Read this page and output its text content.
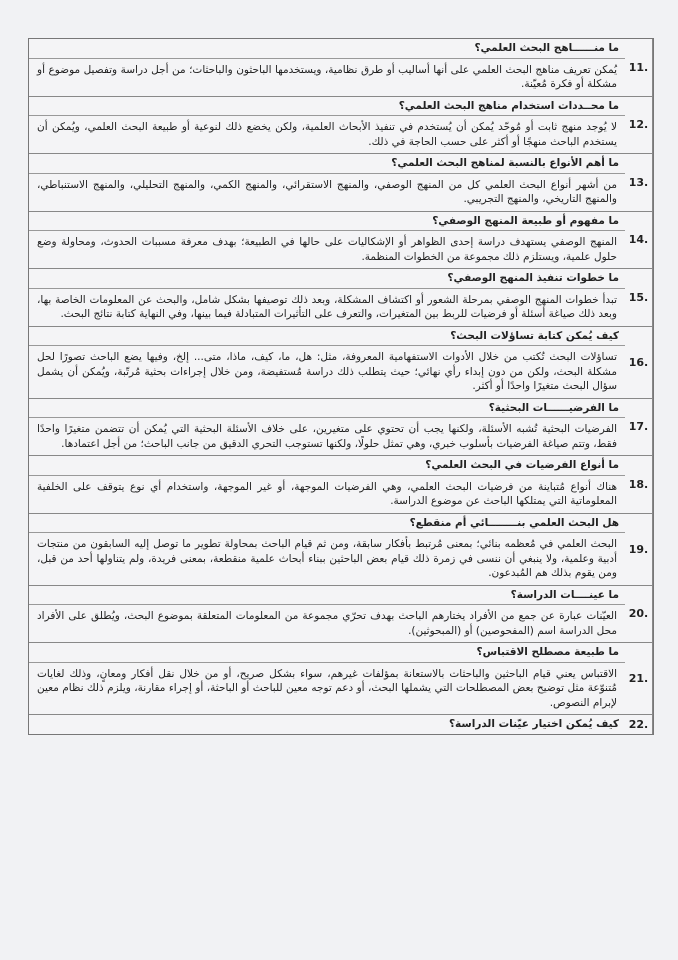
11.
ما منــــــاهج البحث العلمي؟
يُمكن تعريف مناهج البحث العلمي على أنها أساليب أو طرق نظامية، ويستخدمها الباحثون والباحثات؛ من أجل دراسة وتفصيل موضوع أو مشكلة أو فكرة مُعيّنة.
12.
ما محــددات استخدام مناهج البحث العلمي؟
لا يُوجد منهج ثابت أو مُوحّد يُمكن أن يُستخدم في تنفيذ الأبحاث العلمية، ولكن يخضع ذلك لنوعية أو طبيعة البحث العلمي، ويُمكن أن يستخدم الباحث منهجًا أو أكثر على حسب الحاجة في ذلك.
13.
ما أهم الأنواع بالنسبة لمناهج البحث العلمي؟
من أشهر أنواع البحث العلمي كل من المنهج الوصفي، والمنهج الاستقرائي، والمنهج الكمي، والمنهج التحليلي، والمنهج الاستنباطي، والمنهج التاريخي، والمنهج التجريبي.
14.
ما مفهوم أو طبيعة المنهج الوصفي؟
المنهج الوصفي يستهدف دراسة إحدى الظواهر أو الإشكاليات على حالها في الطبيعة؛ بهدف معرفة مسببات الحدوث، ومحاولة وضع حلول علمية، ويستلزم ذلك مجموعة من الخطوات المنظمة.
15.
ما خطوات تنفيذ المنهج الوصفي؟
تبدأ خطوات المنهج الوصفي بمرحلة الشعور أو اكتشاف المشكلة، وبعد ذلك توصيفها بشكل شامل، والبحث عن المعلومات الخاصة بها، وبعد ذلك صياغة أسئلة أو فرضيات للربط بين المتغيرات، والتعرف على التأثيرات المتبادلة فيما بينها، وفي النهاية كتابة نتائج البحث.
16.
كيف يُمكن كتابة تساؤلات البحث؟
تساؤلات البحث تُكتب من خلال الأدوات الاستفهامية المعروفة، مثل: هل، ما، كيف، ماذا، متى... إلخ، وفيها يضع الباحث تصورًا لحل مشكلة البحث، ولكن من دون إبداء رأي نهائي؛ حيث يتطلب ذلك دراسة مُستفيضة، ومن خلال إجراءات بحثية مُرتّبة، ويُمكن أن يشمل سؤال البحث متغيرًا واحدًا أو أكثر.
17.
ما الفرضيــــــات البحثية؟
الفرضيات البحثية تُشبه الأسئلة، ولكنها يجب أن تحتوي على متغيرين، على خلاف الأسئلة البحثية التي يُمكن أن تتضمن متغيرًا واحدًا فقط، وتتم صياغة الفرضيات بأسلوب خبري، وهي تمثل حلولًا، ولكنها تستوجب التحري الدقيق من جانب الباحث؛ من أجل اعتمادها.
18.
ما أنواع الفرضيات في البحث العلمي؟
هناك أنواع مُتباينة من فرضيات البحث العلمي، وهي الفرضيات الموجهة، أو غير الموجهة، واستخدام أي نوع يتوقف على الخلفية المعلوماتية التي يمتلكها الباحث عن موضوع الدراسة.
19.
هل البحث العلمي بنــــــــائي أم منقطع؟
البحث العلمي في مُعظمه بنائي؛ بمعنى مُرتبط بأفكار سابقة، ومن ثم قيام الباحث بمحاولة تطوير ما توصل إليه السابقون من منتجات أدبية وعلمية، ولا ينبغي أن ننسى في زمرة ذلك قيام بعض الباحثين ببناء أبحاث علمية منقطعة، بمعنى فريدة، ولم يتناولها أحد من قبل، ومن يقوم بذلك هم المُبدعون.
20.
ما عينــــات الدراسة؟
العيّنات عبارة عن جمع من الأفراد يختارهم الباحث بهدف تحرّي مجموعة من المعلومات المتعلقة بموضوع البحث، ويُطلق على الأفراد محل الدراسة اسم (المفحوصين) أو (المبحوثين).
21.
ما طبيعة مصطلح الاقتباس؟
الاقتباس يعني قيام الباحثين والباحثات بالاستعانة بمؤلفات غيرهم، سواء بشكل صريح، أو من خلال نقل أفكار ومعانٍ، وذلك لغايات مُتنوّعة مثل توضيح بعض المصطلحات التي يشملها البحث، أو دعم توجه معين للباحث أو الباحثة، أو إجراء مقارنة، ويلزم ذلك نظام معين لإبرام النصوص.
22.
كيف يُمكن اختيار عيّنات الدراسة؟
